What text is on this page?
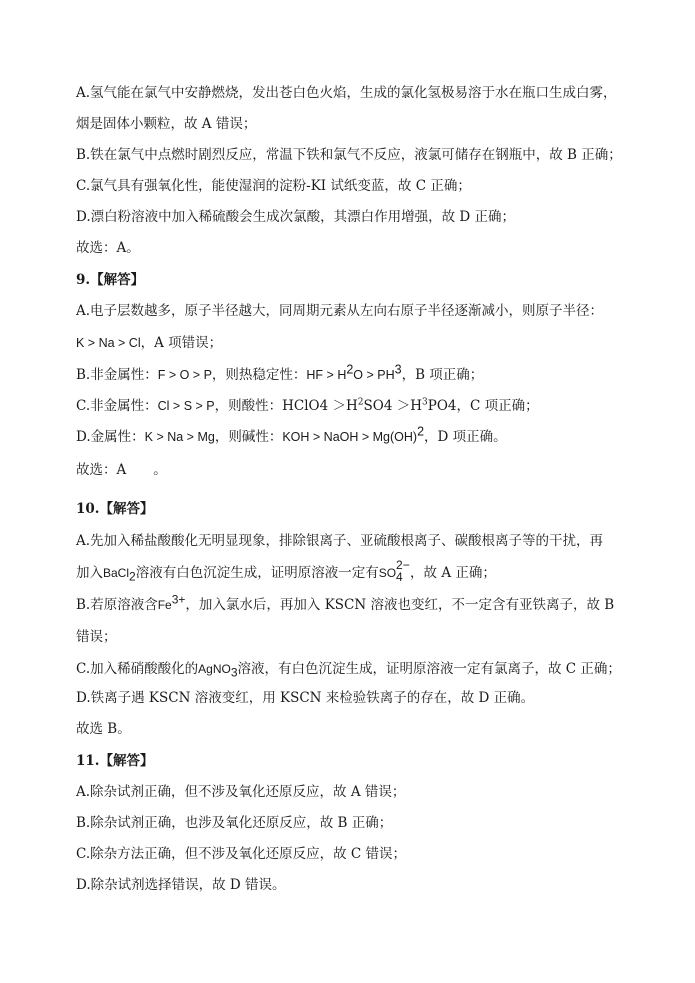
A.氢气能在氯气中安静燃烧，发出苍白色火焰，生成的氯化氢极易溶于水在瓶口生成白雾，
烟是固体小颗粒，故 A 错误；
B.铁在氯气中点燃时剧烈反应，常温下铁和氯气不反应，液氯可储存在钢瓶中，故 B 正确；
C.氯气具有强氧化性，能使湿润的淀粉-KI 试纸变蓝，故 C 正确；
D.漂白粉溶液中加入稀硫酸会生成次氯酸，其漂白作用增强，故 D 正确；
故选：A。
9.【解答】
A.电子层数越多，原子半径越大，同周期元素从左向右原子半径逐渐减小，则原子半径：
K > Na > Cl，A 项错误；
B.非金属性：F > O > P，则热稳定性：HF > $H^2O > PH^3$，B 项正确；
C.非金属性：Cl > S > P，则酸性：HClO4 $>H^2SO4 >H^3PO4$，C 项正确；
D.金属性：K > Na > Mg，则碱性：KOH > NaOH > Mg(OH)$^2$，D 项正确。
故选：A　　。
10.【解答】
A.先加入稀盐酸酸化无明显现象，排除银离子、亚硫酸根离子、碳酸根离子等的干扰，再
加入BaCl$_2$溶液有白色沉淀生成，证明原溶液一定有SO
2−
4 ，故 A 正确；
B.若原溶液含$Fe^{3+}$，加入氯水后，再加入 KSCN 溶液也变红，不一定含有亚铁离子，故 B
错误；
C.加入稀硝酸酸化的AgNO$_3$溶液，有白色沉淀生成，证明原溶液一定有氯离子，故 C 正确；
D.铁离子遇 KSCN 溶液变红，用 KSCN 来检验铁离子的存在，故 D 正确。
故选 B。
11.【解答】
A.除杂试剂正确，但不涉及氧化还原反应，故 A 错误；
B.除杂试剂正确，也涉及氧化还原反应，故 B 正确；
C.除杂方法正确，但不涉及氧化还原反应，故 C 错误；
D.除杂试剂选择错误，故 D 错误。
